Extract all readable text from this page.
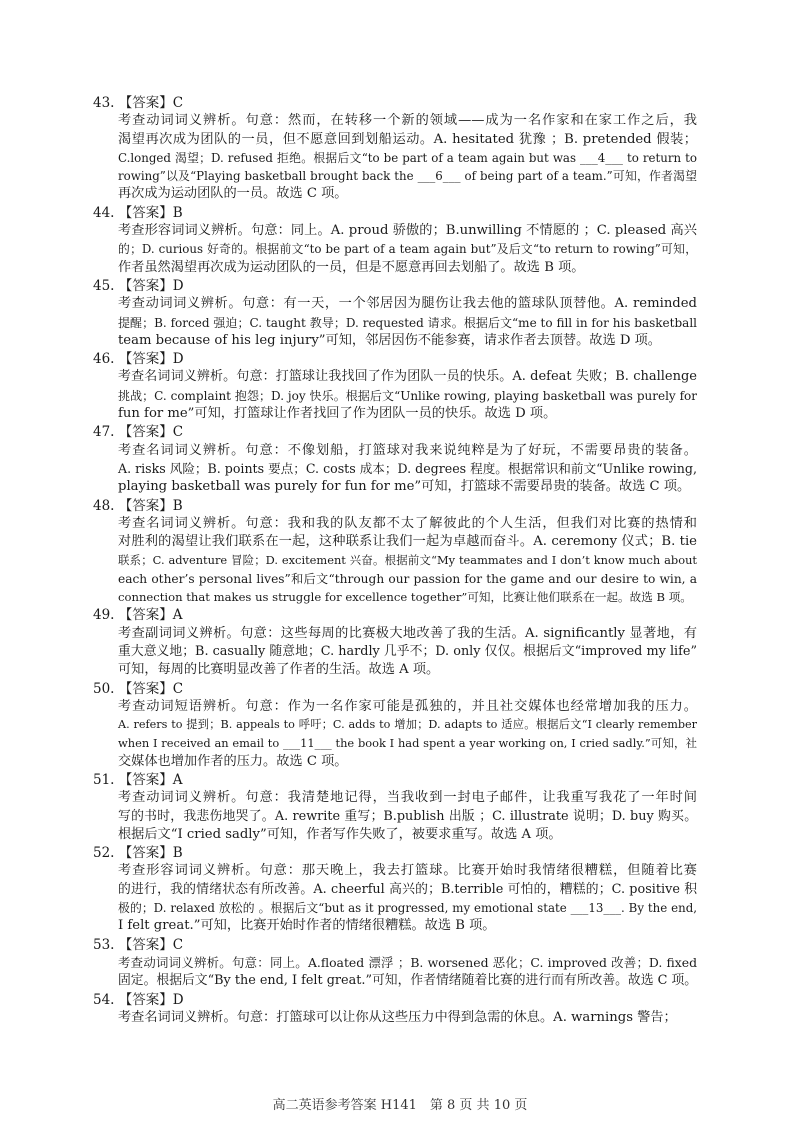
43. 【答案】C
考查动词词义辨析。句意：然而，在转移一个新的领域——成为一名作家和在家工作之后，我
渴望再次成为团队的一员，但不愿意回到划船运动。A. hesitated 犹豫 ；B. pretended 假装；
C.longed 渴望；D. refused 拒绝。根据后文“to be part of a team again but was ___4___ to return to
rowing”以及“Playing basketball brought back the ___6___ of being part of a team.”可知，作者渴望
再次成为运动团队的一员。故选 C 项。
44. 【答案】B
考查形容词词义辨析。句意：同上。A. proud 骄傲的；B.unwilling 不情愿的 ；C. pleased 高兴
的；D. curious 好奇的。根据前文“to be part of a team again but”及后文“to return to rowing”可知，
作者虽然渴望再次成为运动团队的一员，但是不愿意再回去划船了。故选 B 项。
45. 【答案】D
考查动词词义辨析。句意：有一天，一个邻居因为腿伤让我去他的篮球队顶替他。A. reminded
提醒；B. forced 强迫；C. taught 教导；D. requested 请求。根据后文“me to fill in for his basketball
team because of his leg injury”可知，邻居因伤不能参赛，请求作者去顶替。故选 D 项。
46. 【答案】D
考查名词词义辨析。句意：打篮球让我找回了作为团队一员的快乐。A. defeat 失败；B. challenge
挑战；C. complaint 抱怨；D. joy 快乐。根据后文“Unlike rowing, playing basketball was purely for
fun for me”可知，打篮球让作者找回了作为团队一员的快乐。故选 D 项。
47. 【答案】C
考查名词词义辨析。句意：不像划船，打篮球对我来说纯粹是为了好玩，不需要昂贵的装备。
A. risks 风险；B. points 要点；C. costs 成本；D. degrees 程度。根据常识和前文“Unlike rowing,
playing basketball was purely for fun for me”可知，打篮球不需要昂贵的装备。故选 C 项。
48. 【答案】B
考查名词词义辨析。句意：我和我的队友都不太了解彼此的个人生活，但我们对比赛的热情和
对胜利的渴望让我们联系在一起，这种联系让我们一起为卓越而奋斗。A. ceremony 仪式；B. tie
联系；C. adventure 冒险；D. excitement 兴奋。根据前文“My teammates and I don’t know much about
each other’s personal lives”和后文“through our passion for the game and our desire to win, a
connection that makes us struggle for excellence together”可知，比赛让他们联系在一起。故选 B 项。
49. 【答案】A
考查副词词义辨析。句意：这些每周的比赛极大地改善了我的生活。A. significantly 显著地，有
重大意义地；B. casually 随意地；C. hardly 几乎不；D. only 仅仅。根据后文“improved my life”
可知，每周的比赛明显改善了作者的生活。故选 A 项。
50. 【答案】C
考查动词短语辨析。句意：作为一名作家可能是孤独的，并且社交媒体也经常增加我的压力。
A. refers to 提到；B. appeals to 呼吁；C. adds to 增加；D. adapts to 适应。根据后文“I clearly remember
when I received an email to ___11___ the book I had spent a year working on, I cried sadly.”可知，社
交媒体也增加作者的压力。故选 C 项。
51. 【答案】A
考查动词词义辨析。句意：我清楚地记得，当我收到一封电子邮件，让我重写我花了一年时间
写的书时，我悲伤地哭了。A. rewrite 重写；B.publish 出版 ；C. illustrate 说明；D. buy 购买。
根据后文“I cried sadly”可知，作者写作失败了，被要求重写。故选 A 项。
52. 【答案】B
考查形容词词义辨析。句意：那天晚上，我去打篮球。比赛开始时我情绪很糟糕，但随着比赛
的进行，我的情绪状态有所改善。A. cheerful 高兴的；B.terrible 可怕的，糟糕的；C. positive 积
极的；D. relaxed 放松的 。根据后文“but as it progressed, my emotional state ___13___. By the end,
I felt great.”可知，比赛开始时作者的情绪很糟糕。故选 B 项。
53. 【答案】C
考查动词词义辨析。句意：同上。A.floated 漂浮 ；B. worsened 恶化；C. improved 改善；D. fixed
固定。根据后文“By the end, I felt great.”可知，作者情绪随着比赛的进行而有所改善。故选 C 项。
54. 【答案】D
考查名词词义辨析。句意：打篮球可以让你从这些压力中得到急需的休息。A. warnings 警告；
高二英语参考答案 H141　第 8 页 共 10 页
